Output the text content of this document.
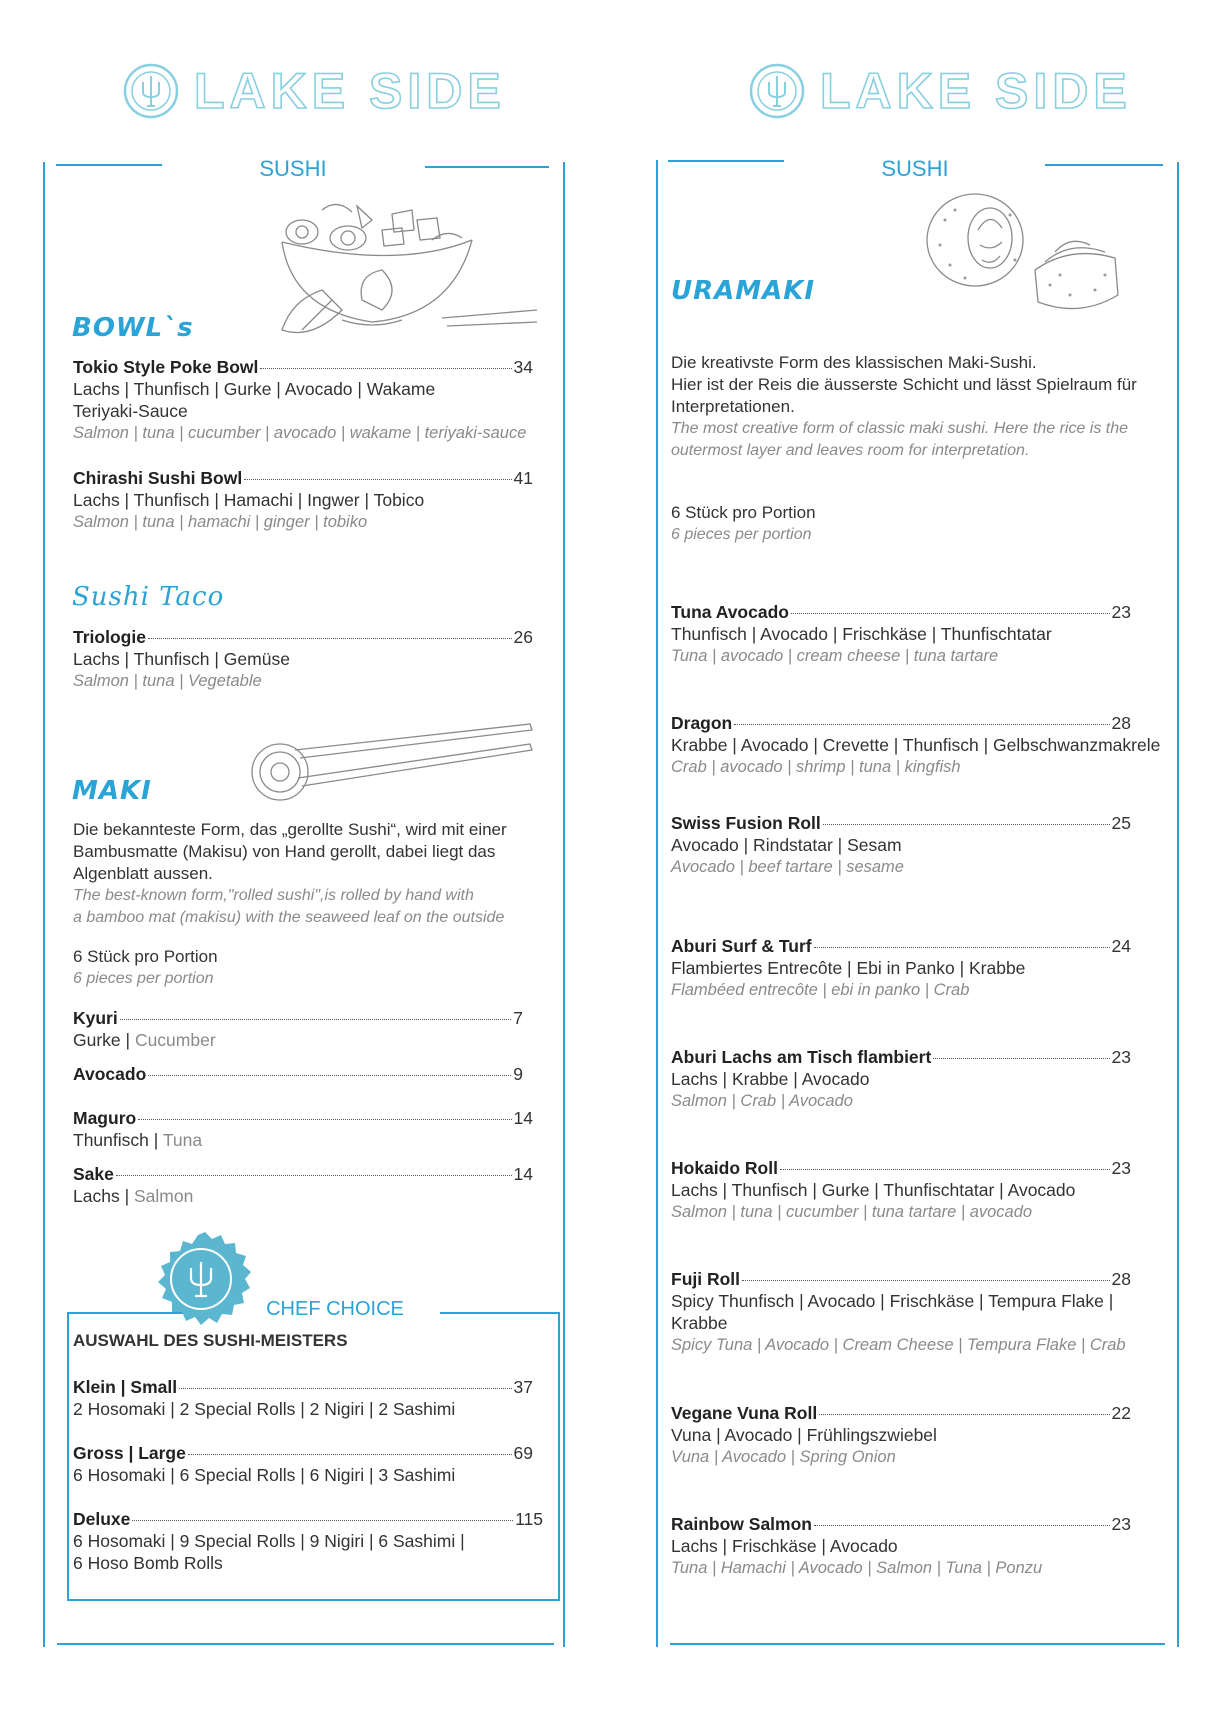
LAKE SIDE
SUSHI
BOWL`s
Tokio Style Poke Bowl	34
Lachs | Thunfisch | Gurke | Avocado | Wakame
Teriyaki-Sauce
Salmon | tuna | cucumber | avocado | wakame | teriyaki-sauce
Chirashi Sushi Bowl	41
Lachs | Thunfisch | Hamachi | Ingwer | Tobico
Salmon | tuna | hamachi | ginger | tobiko
Sushi Taco
Triologie	26
Lachs | Thunfisch | Gemüse
Salmon | tuna | Vegetable
MAKI
Die bekannteste Form, das „gerollte Sushi“, wird mit einer
Bambusmatte (Makisu) von Hand gerollt, dabei liegt das
Algenblatt aussen.
The best-known form,"rolled sushi",is rolled by hand with
a bamboo mat (makisu) with the seaweed leaf on the outside
6 Stück pro Portion
6 pieces per portion
Kyuri	7
Gurke | Cucumber
Avocado	9
Maguro	14
Thunfisch | Tuna
Sake	14
Lachs | Salmon
CHEF CHOICE
AUSWAHL DES SUSHI-MEISTERS
Klein | Small	37
2 Hosomaki | 2 Special Rolls | 2 Nigiri | 2 Sashimi
Gross | Large	69
6 Hosomaki | 6 Special Rolls | 6 Nigiri | 3 Sashimi
Deluxe	115
6 Hosomaki | 9 Special Rolls | 9 Nigiri | 6 Sashimi |
6 Hoso Bomb Rolls
LAKE SIDE
SUSHI
URAMAKI
Die kreativste Form des klassischen Maki-Sushi.
Hier ist der Reis die äusserste Schicht und lässt Spielraum für
Interpretationen.
The most creative form of classic maki sushi. Here the rice is the
outermost layer and leaves room for interpretation.
6 Stück pro Portion
6 pieces per portion
Tuna Avocado	23
Thunfisch | Avocado | Frischkäse | Thunfischtatar
Tuna | avocado | cream cheese | tuna tartare
Dragon	28
Krabbe | Avocado | Crevette | Thunfisch | Gelbschwanzmakrele
Crab | avocado | shrimp | tuna | kingfish
Swiss Fusion Roll	25
Avocado | Rindstatar | Sesam
Avocado | beef tartare | sesame
Aburi Surf & Turf	24
Flambiertes Entrecôte | Ebi in Panko | Krabbe
Flambéed entrecôte | ebi in panko | Crab
Aburi Lachs am Tisch flambiert	23
Lachs | Krabbe | Avocado
Salmon | Crab | Avocado
Hokaido Roll	23
Lachs | Thunfisch | Gurke | Thunfischtatar | Avocado
Salmon | tuna | cucumber | tuna tartare | avocado
Fuji Roll	28
Spicy Thunfisch | Avocado | Frischkäse | Tempura Flake |
Krabbe
Spicy Tuna | Avocado | Cream Cheese | Tempura Flake | Crab
Vegane Vuna Roll	22
Vuna | Avocado | Frühlingszwiebel
Vuna | Avocado | Spring Onion
Rainbow Salmon	23
Lachs | Frischkäse | Avocado
Tuna | Hamachi | Avocado | Salmon | Tuna | Ponzu
